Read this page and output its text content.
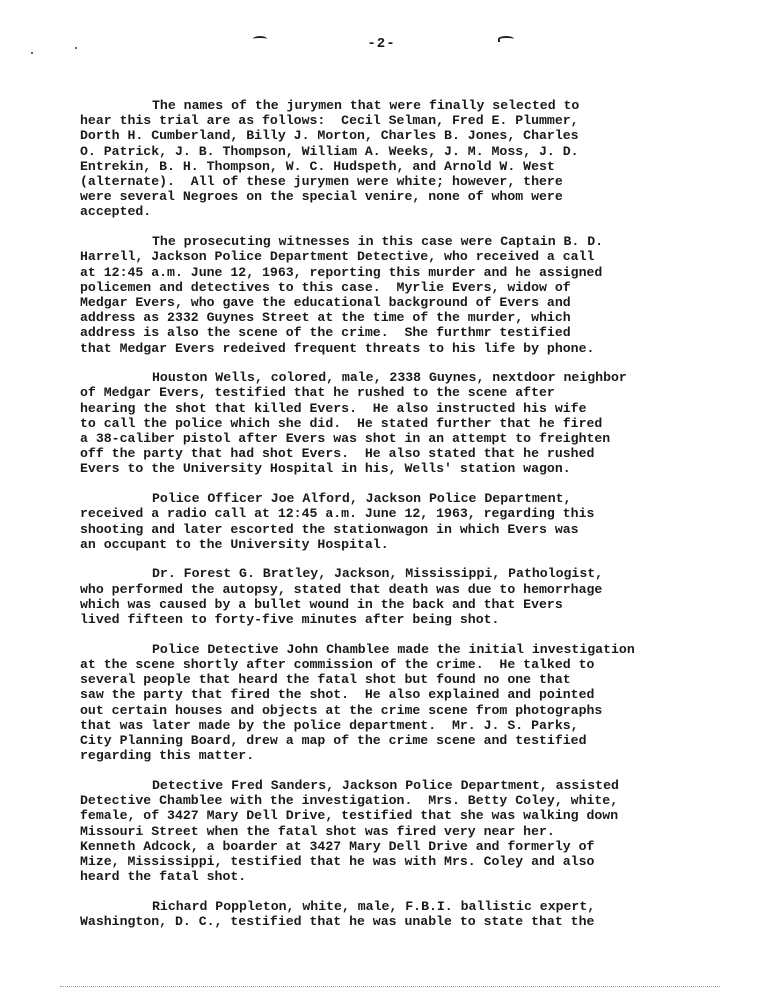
-2-
The names of the jurymen that were finally selected to
hear this trial are as follows:  Cecil Selman, Fred E. Plummer,
Dorth H. Cumberland, Billy J. Morton, Charles B. Jones, Charles
O. Patrick, J. B. Thompson, William A. Weeks, J. M. Moss, J. D.
Entrekin, B. H. Thompson, W. C. Hudspeth, and Arnold W. West
(alternate).  All of these jurymen were white; however, there
were several Negroes on the special venire, none of whom were
accepted.
The prosecuting witnesses in this case were Captain B. D.
Harrell, Jackson Police Department Detective, who received a call
at 12:45 a.m. June 12, 1963, reporting this murder and he assigned
policemen and detectives to this case.  Myrlie Evers, widow of
Medgar Evers, who gave the educational background of Evers and
address as 2332 Guynes Street at the time of the murder, which
address is also the scene of the crime.  She furthmr testified
that Medgar Evers redeived frequent threats to his life by phone.
Houston Wells, colored, male, 2338 Guynes, nextdoor neighbor
of Medgar Evers, testified that he rushed to the scene after
hearing the shot that killed Evers.  He also instructed his wife
to call the police which she did.  He stated further that he fired
a 38-caliber pistol after Evers was shot in an attempt to freighten
off the party that had shot Evers.  He also stated that he rushed
Evers to the University Hospital in his, Wells' station wagon.
Police Officer Joe Alford, Jackson Police Department,
received a radio call at 12:45 a.m. June 12, 1963, regarding this
shooting and later escorted the stationwagon in which Evers was
an occupant to the University Hospital.
Dr. Forest G. Bratley, Jackson, Mississippi, Pathologist,
who performed the autopsy, stated that death was due to hemorrhage
which was caused by a bullet wound in the back and that Evers
lived fifteen to forty-five minutes after being shot.
Police Detective John Chamblee made the initial investigation
at the scene shortly after commission of the crime.  He talked to
several people that heard the fatal shot but found no one that
saw the party that fired the shot.  He also explained and pointed
out certain houses and objects at the crime scene from photographs
that was later made by the police department.  Mr. J. S. Parks,
City Planning Board, drew a map of the crime scene and testified
regarding this matter.
Detective Fred Sanders, Jackson Police Department, assisted
Detective Chamblee with the investigation.  Mrs. Betty Coley, white,
female, of 3427 Mary Dell Drive, testified that she was walking down
Missouri Street when the fatal shot was fired very near her.
Kenneth Adcock, a boarder at 3427 Mary Dell Drive and formerly of
Mize, Mississippi, testified that he was with Mrs. Coley and also
heard the fatal shot.
Richard Poppleton, white, male, F.B.I. ballistic expert,
Washington, D. C., testified that he was unable to state that the
